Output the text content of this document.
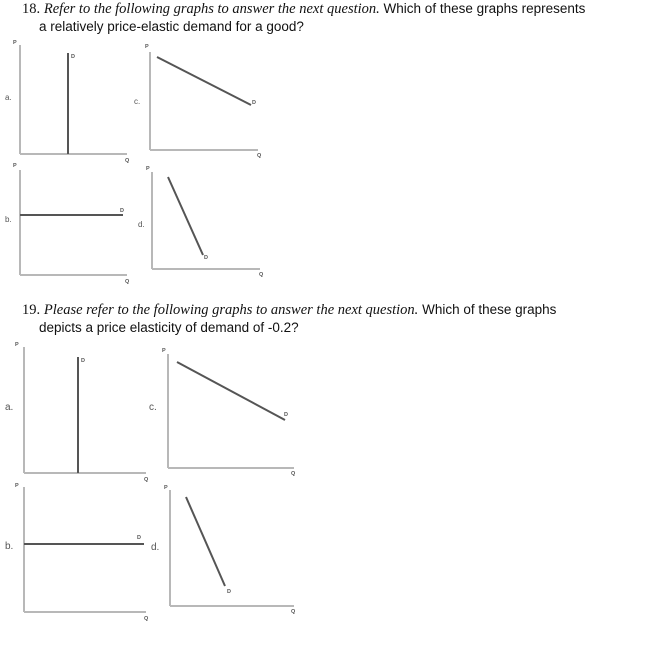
18. Refer to the following graphs to answer the next question. Which of these graphs represents
a relatively price-elastic demand for a good?
19. Please refer to the following graphs to answer the next question. Which of these graphs
depicts a price elasticity of demand of -0.2?
P
Q
D
a.
P
Q
D
c.
P
Q
D
b.
P
Q
D
d.
P
Q
D
a.
P
Q
D
c.
P
Q
D
b.
P
Q
D
d.
